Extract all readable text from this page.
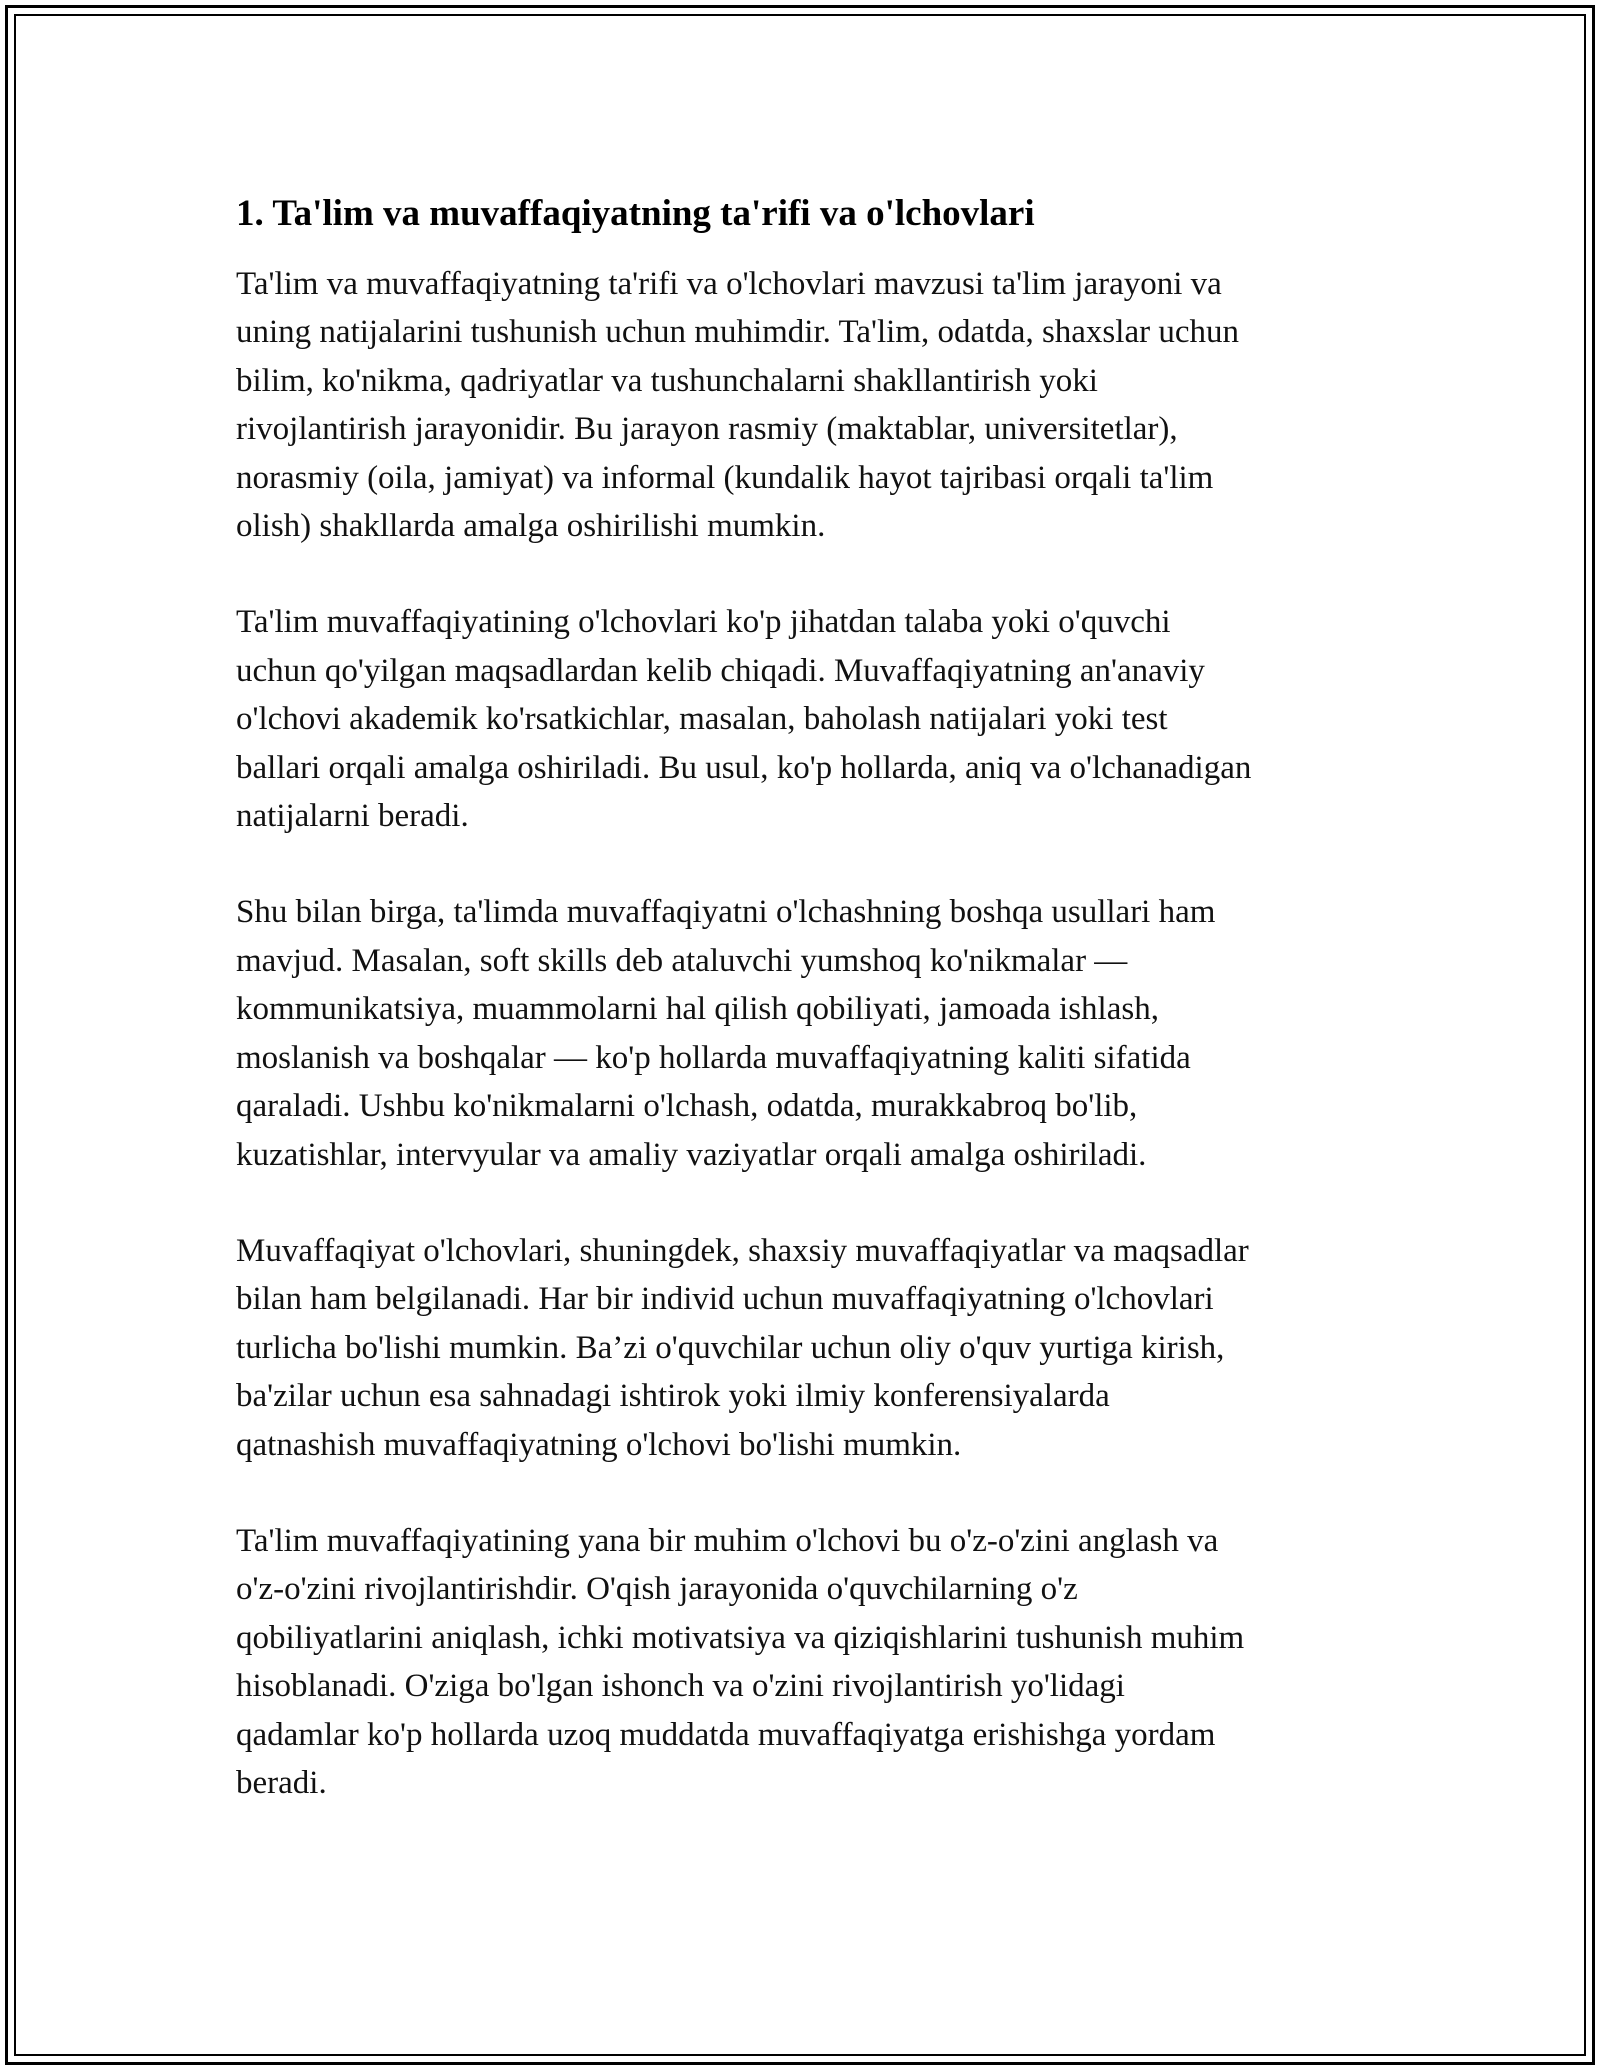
1. Ta'lim va muvaffaqiyatning ta'rifi va o'lchovlari

Ta'lim va muvaffaqiyatning ta'rifi va o'lchovlari mavzusi ta'lim jarayoni va
uning natijalarini tushunish uchun muhimdir. Ta'lim, odatda, shaxslar uchun
bilim, ko'nikma, qadriyatlar va tushunchalarni shakllantirish yoki
rivojlantirish jarayonidir. Bu jarayon rasmiy (maktablar, universitetlar),
norasmiy (oila, jamiyat) va informal (kundalik hayot tajribasi orqali ta'lim
olish) shakllarda amalga oshirilishi mumkin.

Ta'lim muvaffaqiyatining o'lchovlari ko'p jihatdan talaba yoki o'quvchi
uchun qo'yilgan maqsadlardan kelib chiqadi. Muvaffaqiyatning an'anaviy
o'lchovi akademik ko'rsatkichlar, masalan, baholash natijalari yoki test
ballari orqali amalga oshiriladi. Bu usul, ko'p hollarda, aniq va o'lchanadigan
natijalarni beradi.

Shu bilan birga, ta'limda muvaffaqiyatni o'lchashning boshqa usullari ham
mavjud. Masalan, soft skills deb ataluvchi yumshoq ko'nikmalar —
kommunikatsiya, muammolarni hal qilish qobiliyati, jamoada ishlash,
moslanish va boshqalar — ko'p hollarda muvaffaqiyatning kaliti sifatida
qaraladi. Ushbu ko'nikmalarni o'lchash, odatda, murakkabroq bo'lib,
kuzatishlar, intervyular va amaliy vaziyatlar orqali amalga oshiriladi.

Muvaffaqiyat o'lchovlari, shuningdek, shaxsiy muvaffaqiyatlar va maqsadlar
bilan ham belgilanadi. Har bir individ uchun muvaffaqiyatning o'lchovlari
turlicha bo'lishi mumkin. Ba’zi o'quvchilar uchun oliy o'quv yurtiga kirish,
ba'zilar uchun esa sahnadagi ishtirok yoki ilmiy konferensiyalarda
qatnashish muvaffaqiyatning o'lchovi bo'lishi mumkin.

Ta'lim muvaffaqiyatining yana bir muhim o'lchovi bu o'z-o'zini anglash va
o'z-o'zini rivojlantirishdir. O'qish jarayonida o'quvchilarning o'z
qobiliyatlarini aniqlash, ichki motivatsiya va qiziqishlarini tushunish muhim
hisoblanadi. O'ziga bo'lgan ishonch va o'zini rivojlantirish yo'lidagi
qadamlar ko'p hollarda uzoq muddatda muvaffaqiyatga erishishga yordam
beradi.
